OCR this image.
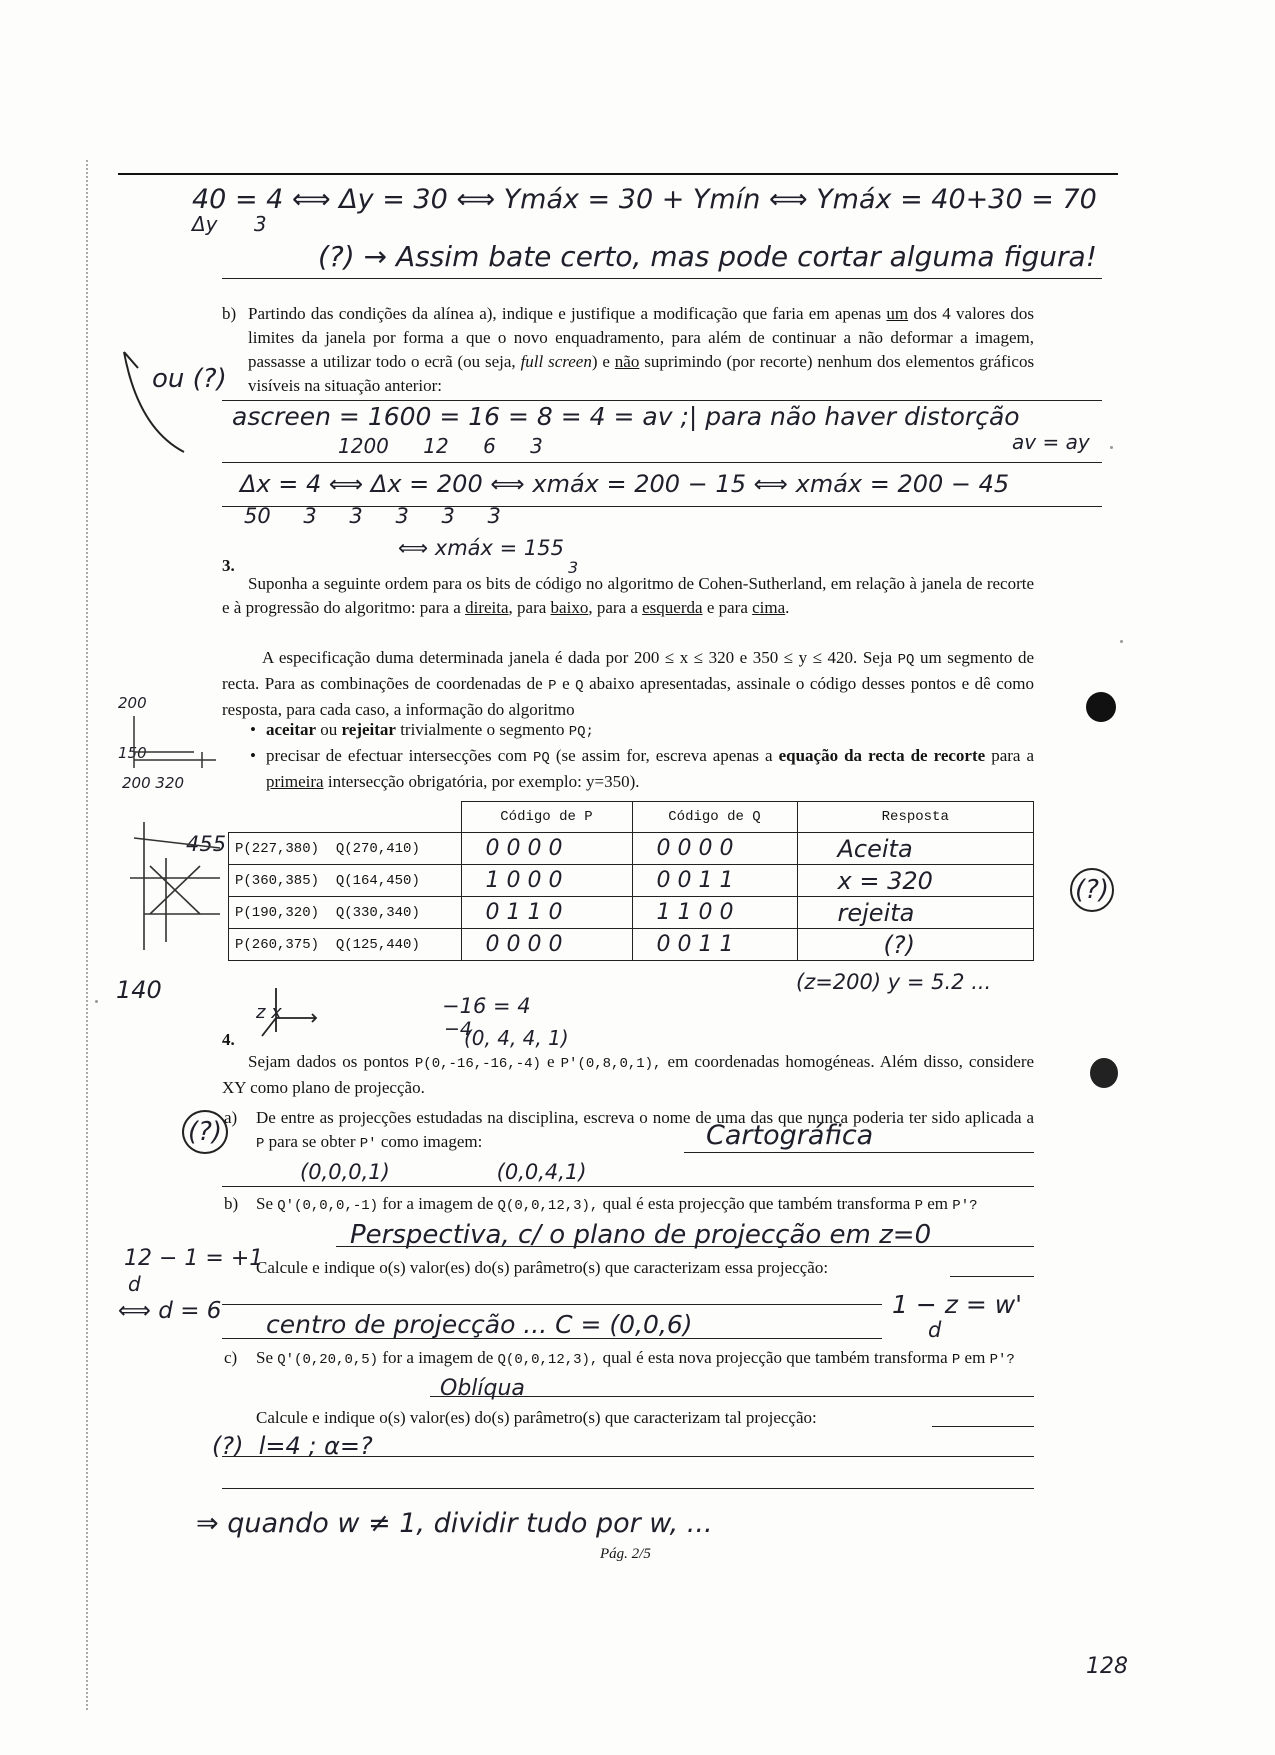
40 = 4 ⟺ Δy = 30 ⟺ Ymáx = 30 + Ymín ⟺ Ymáx = 40+30 = 70
Δy 3
(?) → Assim bate certo, mas pode cortar alguma figura!
b) Partindo das condições da alínea a), indique e justifique a modificação que faria em apenas um dos 4 valores dos limites da janela por forma a que o novo enquadramento, para além de continuar a não deformar a imagem, passasse a utilizar todo o ecrã (ou seja, full screen) e não suprimindo (por recorte) nenhum dos elementos gráficos visíveis na situação anterior:
ou (?)
ascreen = 1600 = 16 = 8 = 4 = av ;| para não haver distorção
1200 12 6 3	av = ay
Δx = 4 ⟺ Δx = 200 ⟺ xmáx = 200 − 15 ⟺ xmáx = 200 − 45
50 3 3 3 3 3
⟺ xmáx = 155
3
3.
Suponha a seguinte ordem para os bits de código no algoritmo de Cohen-Sutherland, em relação à janela de recorte e à progressão do algoritmo: para a direita, para baixo, para a esquerda e para cima.
A especificação duma determinada janela é dada por 200 ≤ x ≤ 320 e 350 ≤ y ≤ 420. Seja PQ um segmento de recta. Para as combinações de coordenadas de P e Q abaixo apresentadas, assinale o código desses pontos e dê como resposta, para cada caso, a informação do algoritmo
• aceitar ou rejeitar trivialmente o segmento PQ;
• precisar de efectuar intersecções com PQ (se assim for, escreva apenas a equação da recta de recorte para a primeira intersecção obrigatória, por exemplo: y=350).
200
150
200 320
455
	Código de P	Código de Q	Resposta
P(227,380) Q(270,410)	0 0 0 0	0 0 0 0	Aceita
P(360,385) Q(164,450)	1 0 0 0	0 0 1 1	x = 320
P(190,320) Q(330,340)	0 1 1 0	1 1 0 0	rejeita
P(260,375) Q(125,440)	0 0 0 0	0 0 1 1	(?)
(?)
(z=200) y = 5.2 ...
140
z x	−16 = 4
−4
(0, 4, 4, 1)
4.
Sejam dados os pontos P(0,-16,-16,-4) e P'(0,8,0,1), em coordenadas homogéneas. Além disso, considere XY como plano de projecção.
a)
(?)	De entre as projecções estudadas na disciplina, escreva o nome de uma das que nunca poderia ter sido aplicada a P para se obter P' como imagem:	Cartográfica
(0,0,0,1)                (0,0,4,1)
b) Se Q'(0,0,0,-1) for a imagem de Q(0,0,12,3), qual é esta projecção que também transforma P em P'?
Perspectiva, c/ o plano de projecção em z=0
Calcule e indique o(s) valor(es) do(s) parâmetro(s) que caracterizam essa projecção:
12 − 1 = +1
d
⟺ d = 6	1 − z = w'
d
centro de projecção ... C = (0,0,6)
c) Se Q'(0,20,0,5) for a imagem de Q(0,0,12,3), qual é esta nova projecção que também transforma P em P'?
Oblíqua
Calcule e indique o(s) valor(es) do(s) parâmetro(s) que caracterizam tal projecção:
(?)  l=4 ; α=?
⇒ quando w ≠ 1, dividir tudo por w, ...
Pág. 2/5
128
